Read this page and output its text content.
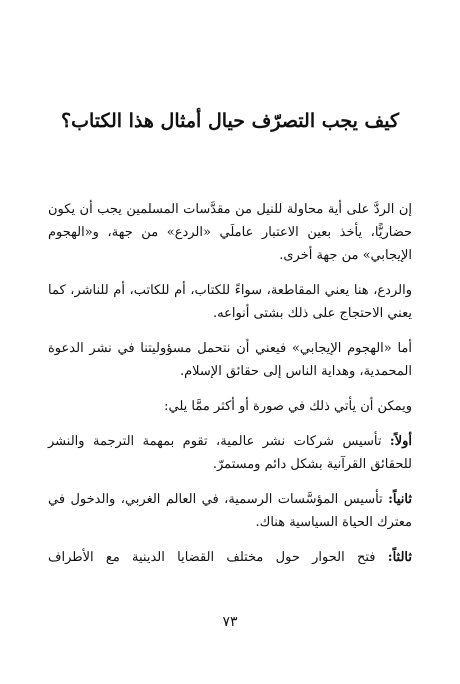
كيف يجب التصرّف حيال أمثال هذا الكتاب؟

إن الردَّ على أية محاولة للنيل من مقدَّسات المسلمين يجب أن يكون حضاريًّا، يأخذ بعين الاعتبار عاملَي «الردع» من جهة، و«الهجوم الإيجابي» من جهة أخرى.

والردع، هنا يعني المقاطعة، سواءً للكتاب، أم للكاتب، أم للناشر، كما يعني الاحتجاج على ذلك بشتى أنواعه.

أما «الهجوم الإيجابي» فيعني أن نتحمل مسؤوليتنا في نشر الدعوة المحمدية، وهداية الناس إلى حقائق الإسلام.

ويمكن أن يأتي ذلك في صورة أو أكثر ممَّا يلي:

أولاً: تأسيس شركات نشر عالمية، تقوم بمهمة الترجمة والنشر للحقائق القرآنية بشكل دائم ومستمرّ.

ثانياً: تأسيس المؤسَّسات الرسمية، في العالم الغربي، والدخول في معترك الحياة السياسية هناك.

ثالثاً: فتح الحوار حول مختلف القضايا الدينية مع الأطراف

٧٣
